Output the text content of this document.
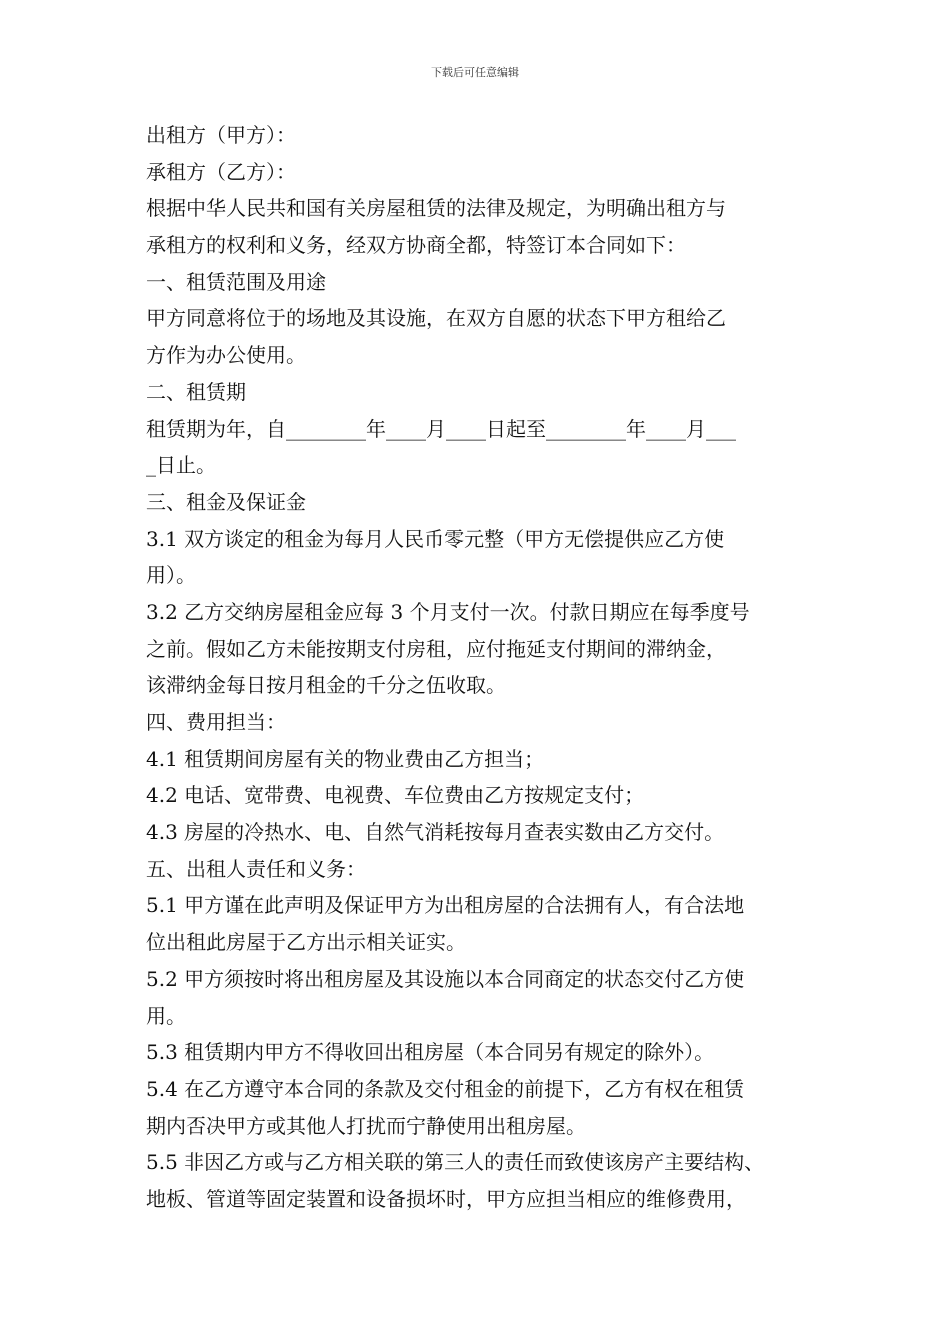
下载后可任意编辑
出租方（甲方）：
承租方（乙方）：
根据中华人民共和国有关房屋租赁的法律及规定，为明确出租方与
承租方的权利和义务，经双方协商全都，特签订本合同如下：
一、租赁范围及用途
甲方同意将位于的场地及其设施，在双方自愿的状态下甲方租给乙
方作为办公使用。
二、租赁期
租赁期为年，自________年____月____日起至________年____月___
_日止。
三、租金及保证金
3.1 双方谈定的租金为每月人民币零元整（甲方无偿提供应乙方使
用）。
3.2 乙方交纳房屋租金应每 3 个月支付一次。付款日期应在每季度号
之前。假如乙方未能按期支付房租，应付拖延支付期间的滞纳金，
该滞纳金每日按月租金的千分之伍收取。
四、费用担当：
4.1 租赁期间房屋有关的物业费由乙方担当；
4.2 电话、宽带费、电视费、车位费由乙方按规定支付；
4.3 房屋的冷热水、电、自然气消耗按每月查表实数由乙方交付。
五、出租人责任和义务：
5.1 甲方谨在此声明及保证甲方为出租房屋的合法拥有人，有合法地
位出租此房屋于乙方出示相关证实。
5.2 甲方须按时将出租房屋及其设施以本合同商定的状态交付乙方使
用。
5.3 租赁期内甲方不得收回出租房屋（本合同另有规定的除外）。
5.4 在乙方遵守本合同的条款及交付租金的前提下，乙方有权在租赁
期内否决甲方或其他人打扰而宁静使用出租房屋。
5.5 非因乙方或与乙方相关联的第三人的责任而致使该房产主要结构、
地板、管道等固定装置和设备损坏时，甲方应担当相应的维修费用，
